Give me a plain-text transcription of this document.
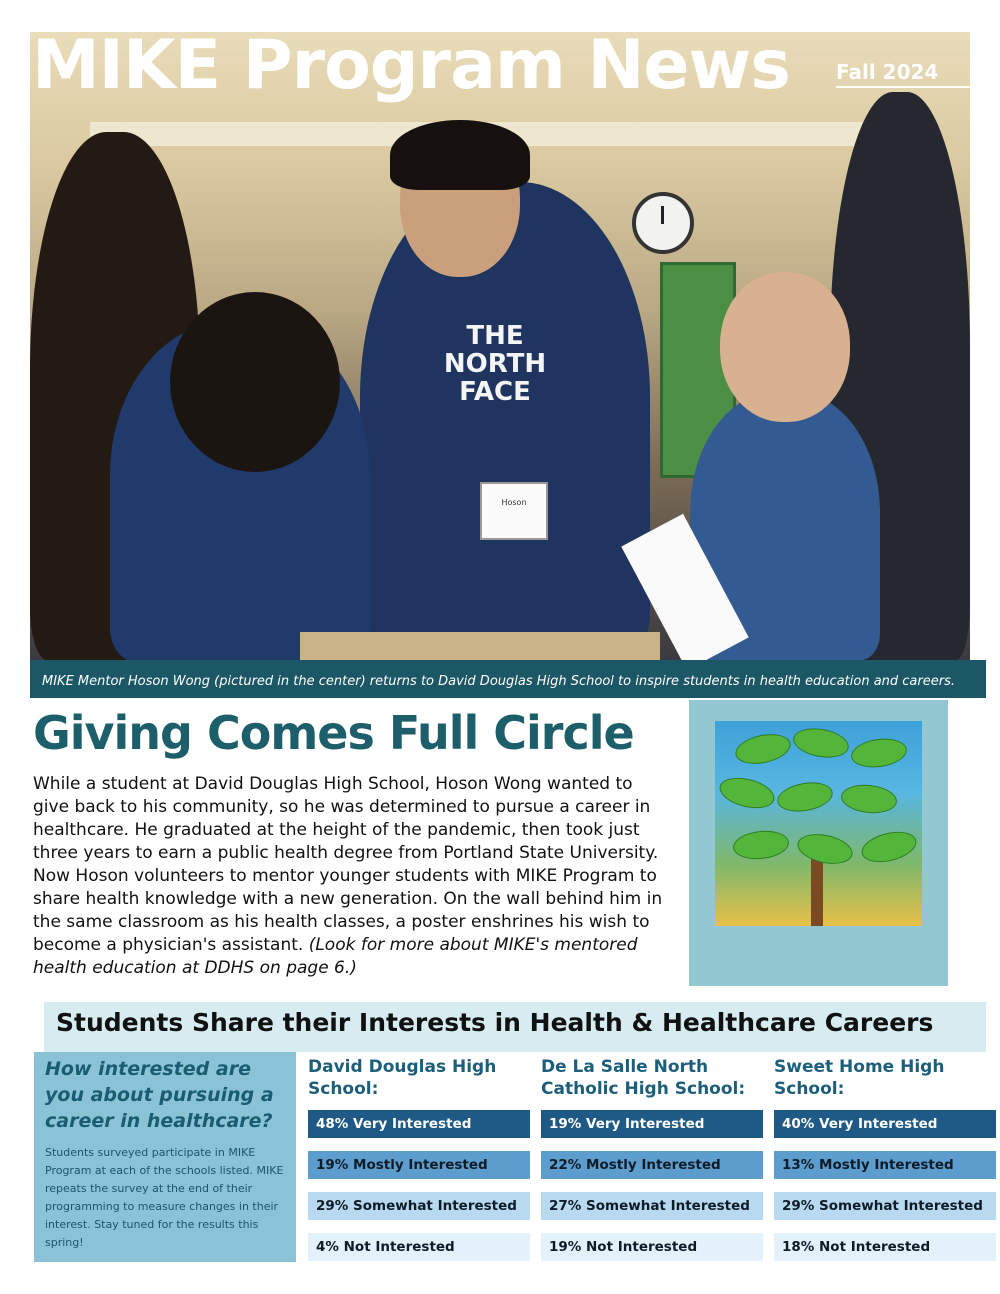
THE NORTH FACE
Hoson
MIKE Program News Fall 2024
MIKE Mentor Hoson Wong (pictured in the center) returns to David Douglas High School to inspire students in health education and careers.
Giving Comes Full Circle

While a student at David Douglas High School, Hoson Wong wanted to give back to his community, so he was determined to pursue a career in healthcare. He graduated at the height of the pandemic, then took just three years to earn a public health degree from Portland State University. Now Hoson volunteers to mentor younger students with MIKE Program to share health knowledge with a new generation. On the wall behind him in the same classroom as his health classes, a poster enshrines his wish to become a physician's assistant. (Look for more about MIKE's mentored health education at DDHS on page 6.)

Students Share their Interests in Health & Healthcare Careers

How interested are you about pursuing a career in healthcare?

Students surveyed participate in MIKE Program at each of the schools listed. MIKE repeats the survey at the end of their programming to measure changes in their interest. Stay tuned for the results this spring!

David Douglas High School:

48% Very Interested
19% Mostly Interested
29% Somewhat Interested
4% Not Interested

De La Salle North Catholic High School:

19% Very Interested
22% Mostly Interested
27% Somewhat Interested
19% Not Interested

Sweet Home High School:

40% Very Interested
13% Mostly Interested
29% Somewhat Interested
18% Not Interested
